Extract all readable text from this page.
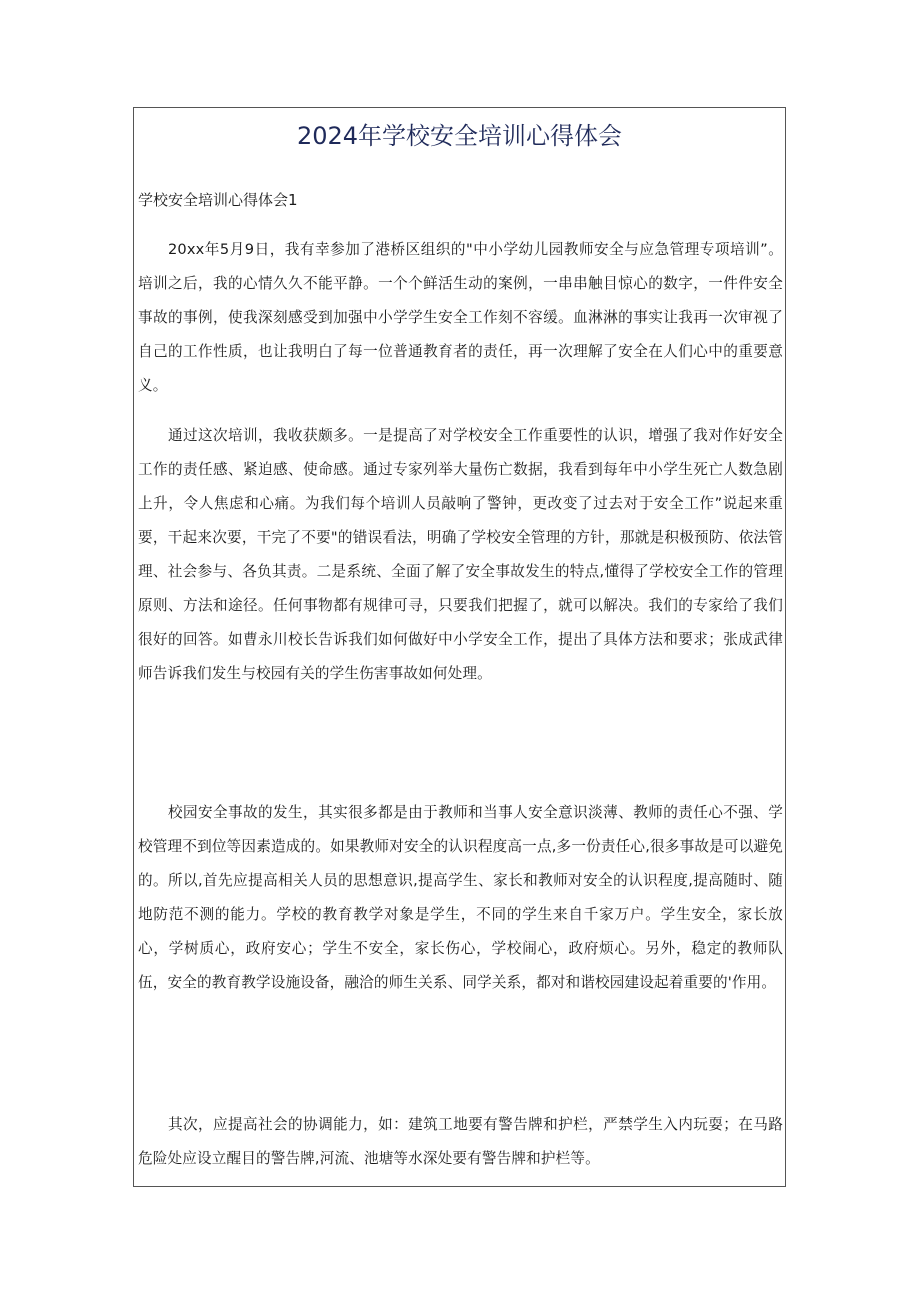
2024年学校安全培训心得体会
学校安全培训心得体会1

20xx年5月9日，我有幸参加了港桥区组织的"中小学幼儿园教师安全与应急管理专项培训”。培训之后，我的心情久久不能平静。一个个鲜活生动的案例，一串串触目惊心的数字，一件件安全事故的事例，使我深刻感受到加强中小学学生安全工作刻不容缓。血淋淋的事实让我再一次审视了自己的工作性质，也让我明白了每一位普通教育者的责任，再一次理解了安全在人们心中的重要意义。

通过这次培训，我收获颇多。一是提高了对学校安全工作重要性的认识，增强了我对作好安全工作的责任感、紧迫感、使命感。通过专家列举大量伤亡数据，我看到每年中小学生死亡人数急剧上升，令人焦虑和心痛。为我们每个培训人员敲响了警钟，更改变了过去对于安全工作”说起来重要，干起来次要，干完了不要"的错误看法，明确了学校安全管理的方针，那就是积极预防、依法管理、社会参与、各负其责。二是系统、全面了解了安全事故发生的特点,懂得了学校安全工作的管理原则、方法和途径。任何事物都有规律可寻，只要我们把握了，就可以解决。我们的专家给了我们很好的回答。如曹永川校长告诉我们如何做好中小学安全工作，提出了具体方法和要求；张成武律师告诉我们发生与校园有关的学生伤害事故如何处理。

校园安全事故的发生，其实很多都是由于教师和当事人安全意识淡薄、教师的责任心不强、学校管理不到位等因素造成的。如果教师对安全的认识程度高一点,多一份责任心,很多事故是可以避免的。所以,首先应提高相关人员的思想意识,提高学生、家长和教师对安全的认识程度,提高随时、随地防范不测的能力。学校的教育教学对象是学生，不同的学生来自千家万户。学生安全，家长放心，学树质心，政府安心；学生不安全，家长伤心，学校闹心，政府烦心。另外，稳定的教师队伍，安全的教育教学设施设备，融洽的师生关系、同学关系，都对和谐校园建设起着重要的'作用。

其次，应提高社会的协调能力，如：建筑工地要有警告牌和护栏，严禁学生入内玩耍；在马路危险处应设立醒目的警告牌,河流、池塘等水深处要有警告牌和护栏等。
